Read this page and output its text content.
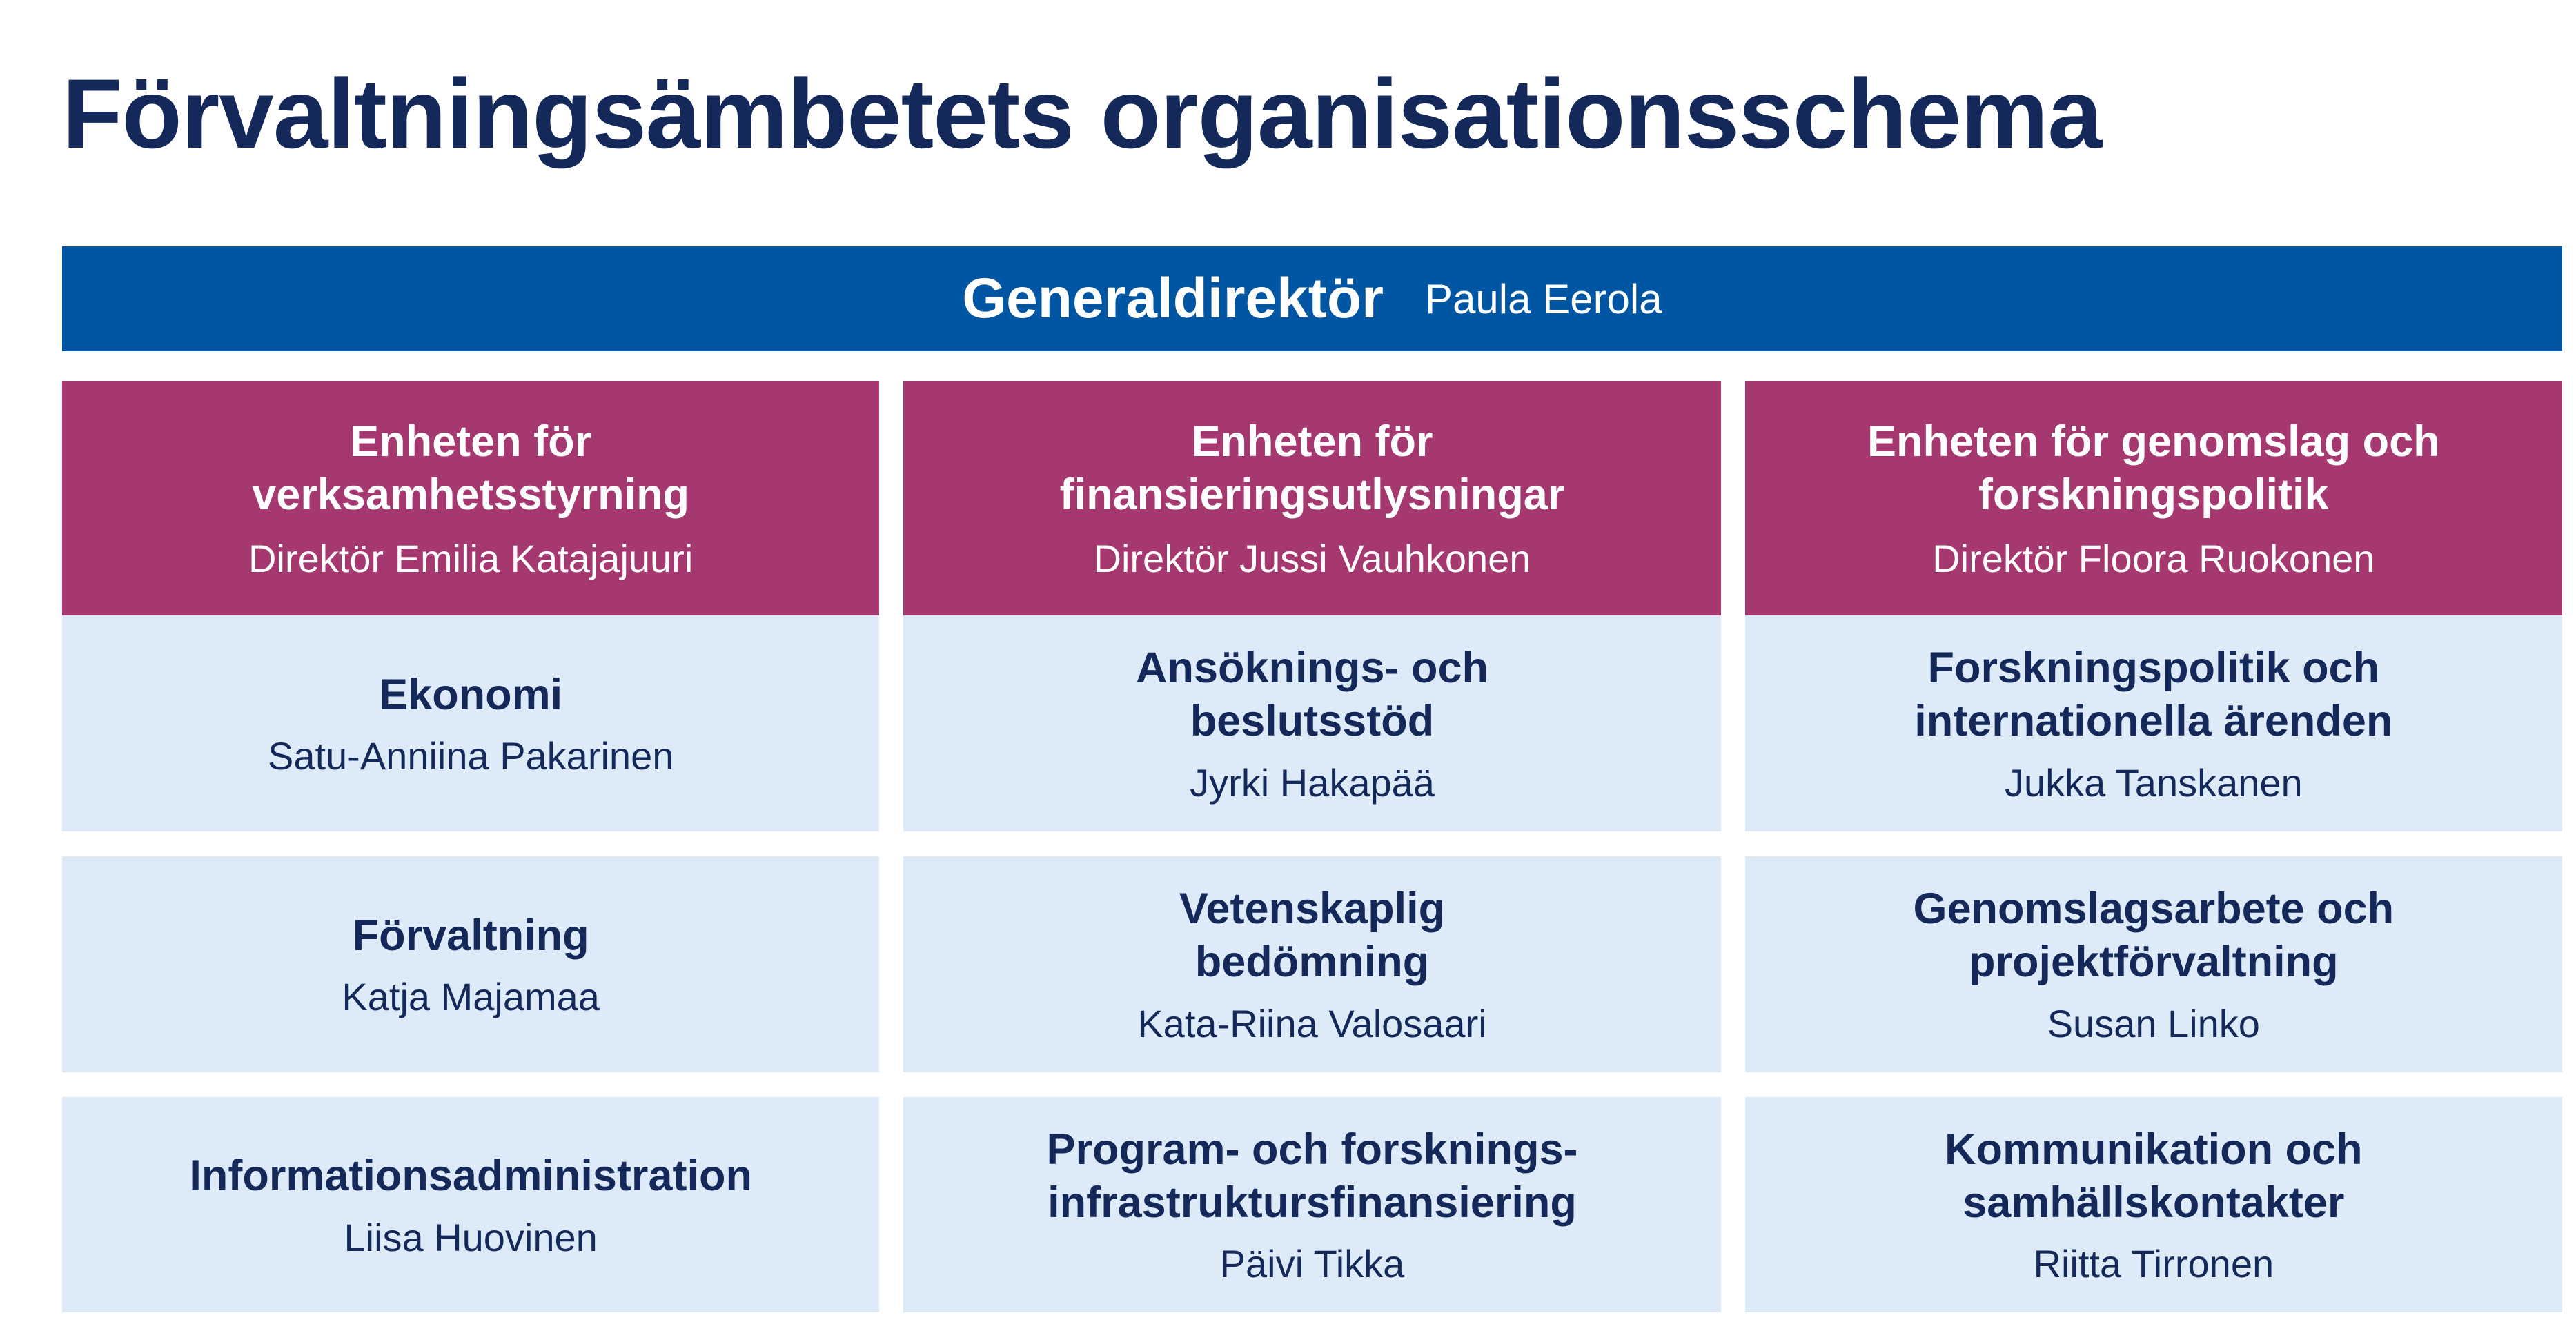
Förvaltningsämbetets organisationsschema
Generaldirektör Paula Eerola
Enheten för verksamhetsstyrning
Direktör Emilia Katajajuuri
Ekonomi
Satu-Anniina Pakarinen
Förvaltning
Katja Majamaa
Informationsadministration
Liisa Huovinen
Enheten för finansieringsutlysningar
Direktör Jussi Vauhkonen
Ansöknings- och beslutsstöd
Jyrki Hakapää
Vetenskaplig bedömning
Kata-Riina Valosaari
Program- och forsknings-infrastruktursfinansiering
Päivi Tikka
Enheten för genomslag och forskningspolitik
Direktör Floora Ruokonen
Forskningspolitik och internationella ärenden
Jukka Tanskanen
Genomslagsarbete och projektförvaltning
Susan Linko
Kommunikation och samhällskontakter
Riitta Tirronen
